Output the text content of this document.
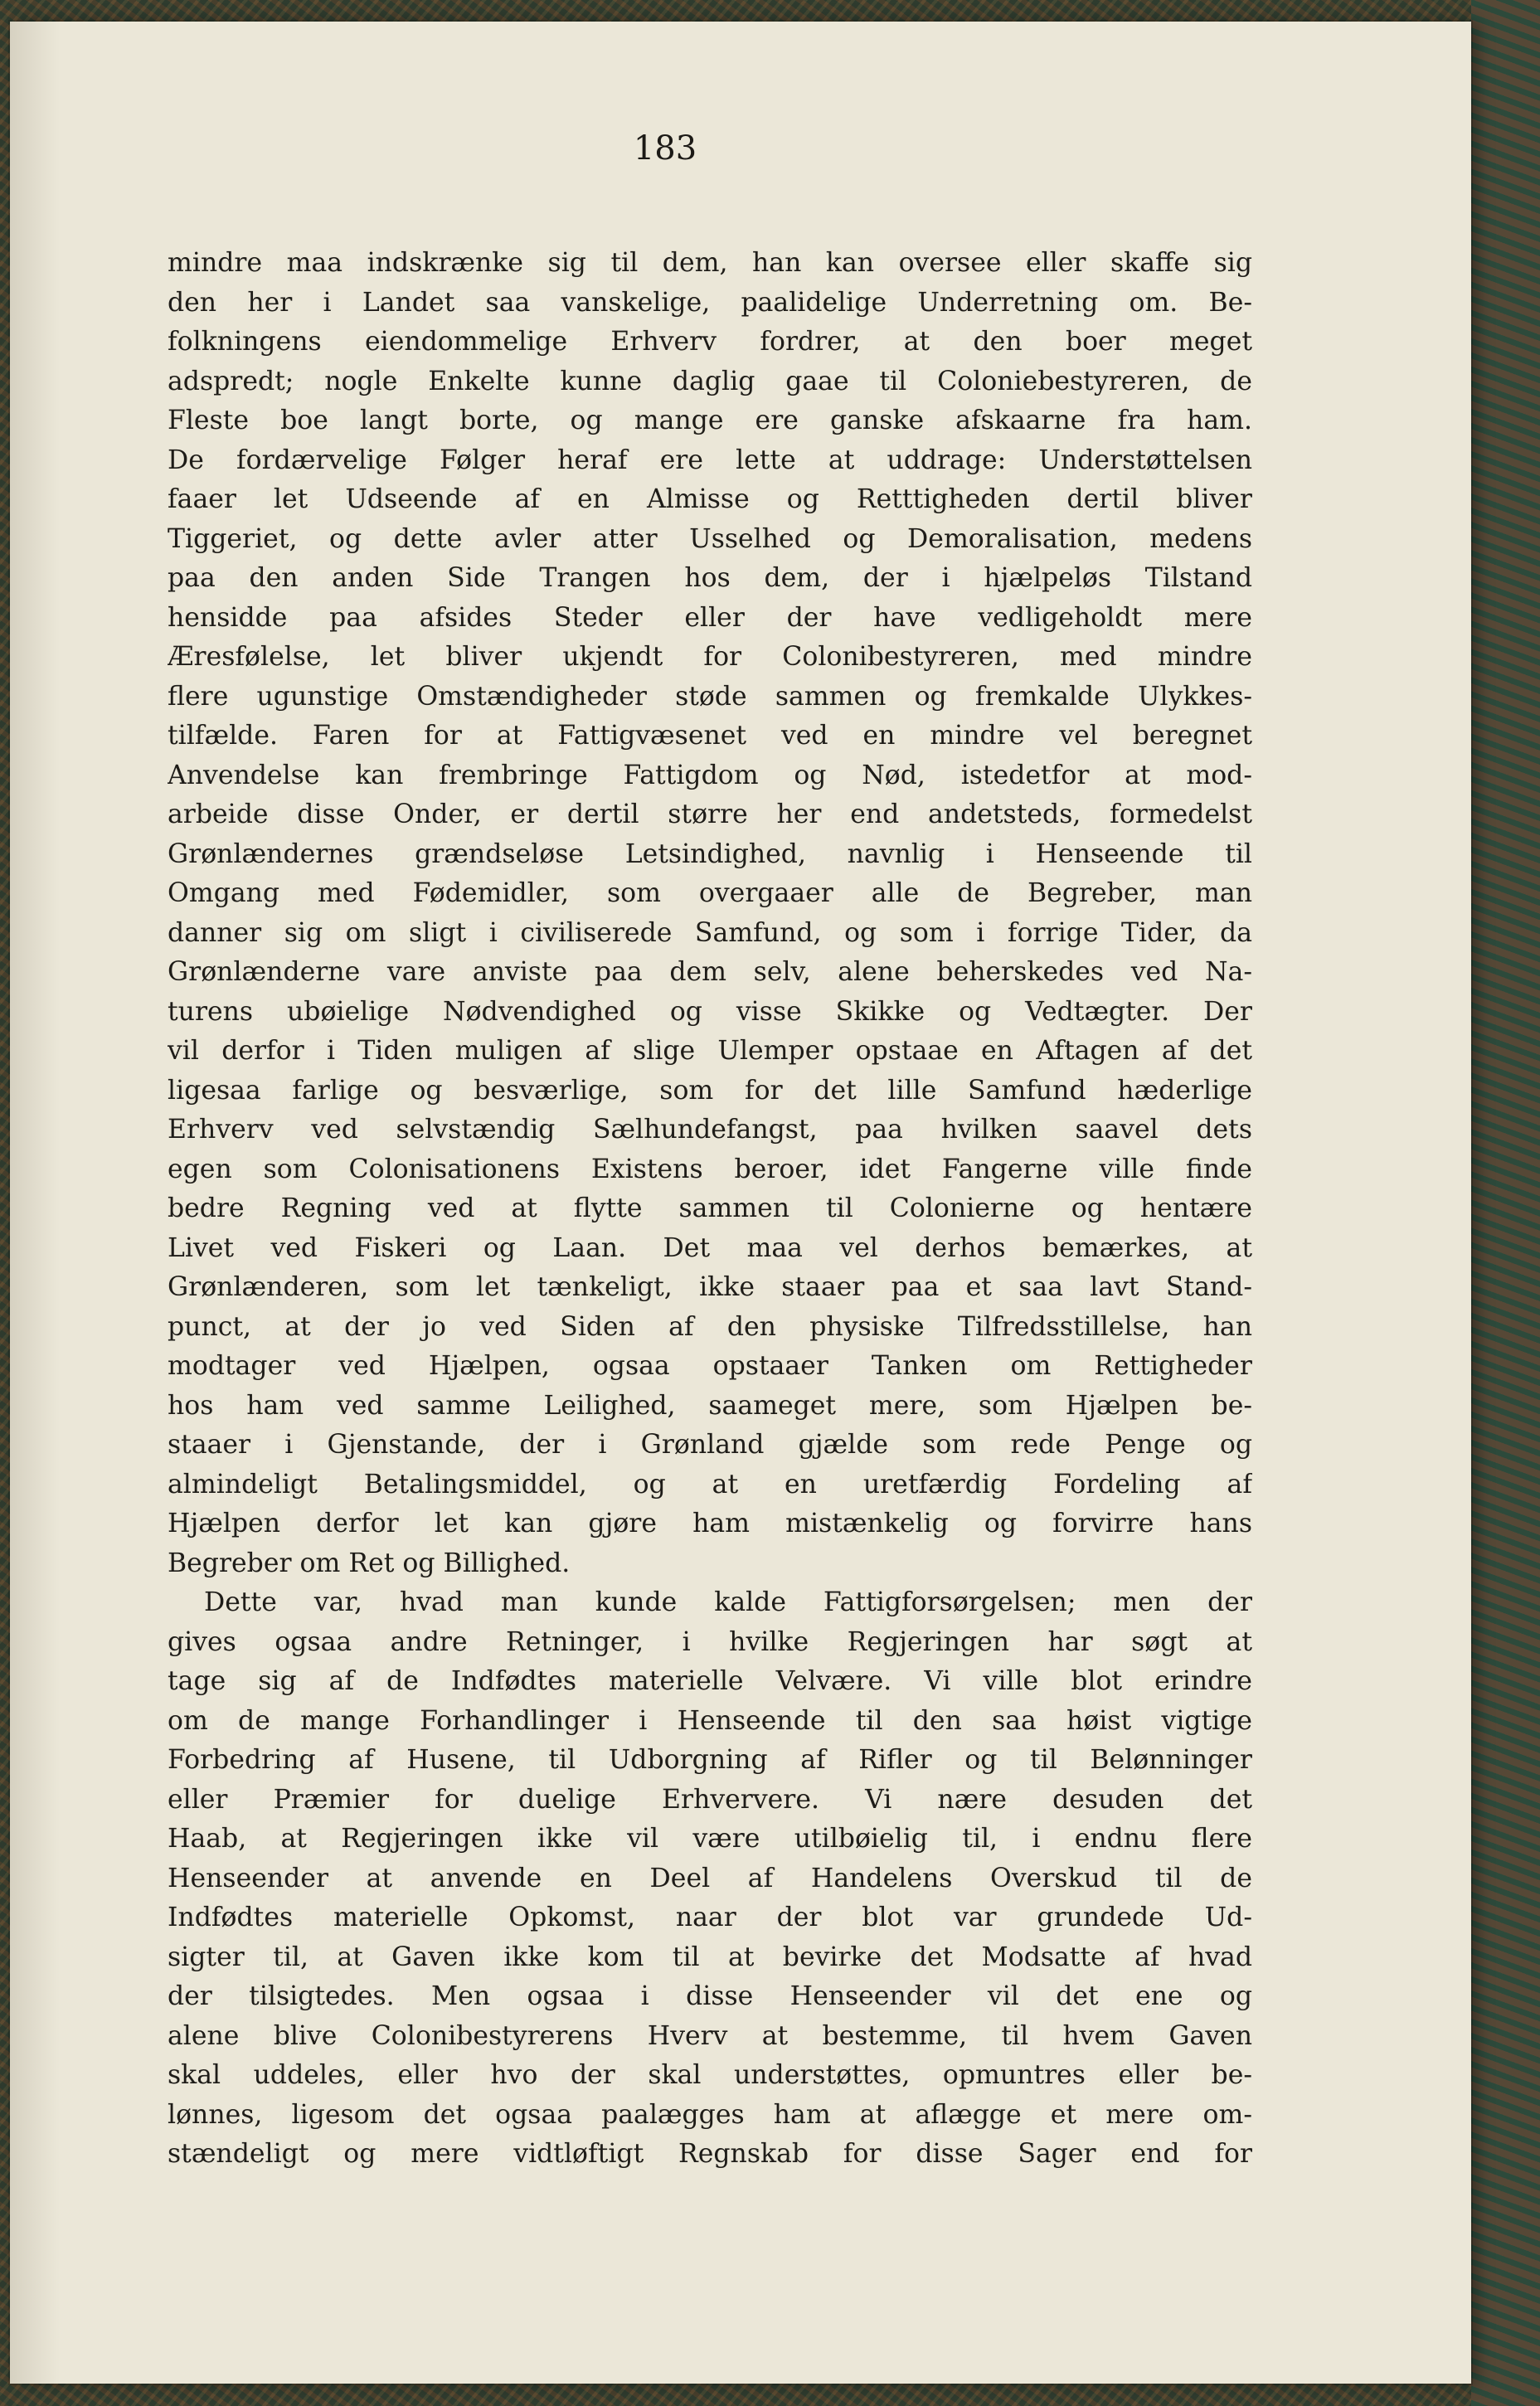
183
mindre maa indskrænke sig til dem, han kan oversee eller skaffe sig
den her i Landet saa vanskelige, paalidelige Underretning om. Be-
folkningens eiendommelige Erhverv fordrer, at den boer meget
adspredt; nogle Enkelte kunne daglig gaae til Coloniebestyreren, de
Fleste boe langt borte, og mange ere ganske afskaarne fra ham.
De fordærvelige Følger heraf ere lette at uddrage: Understøttelsen
faaer let Udseende af en Almisse og Retttigheden dertil bliver
Tiggeriet, og dette avler atter Usselhed og Demoralisation, medens
paa den anden Side Trangen hos dem, der i hjælpeløs Tilstand
hensidde paa afsides Steder eller der have vedligeholdt mere
Æresfølelse, let bliver ukjendt for Colonibestyreren, med mindre
flere ugunstige Omstændigheder støde sammen og fremkalde Ulykkes-
tilfælde. Faren for at Fattigvæsenet ved en mindre vel beregnet
Anvendelse kan frembringe Fattigdom og Nød, istedetfor at mod-
arbeide disse Onder, er dertil større her end andetsteds, formedelst
Grønlændernes grændseløse Letsindighed, navnlig i Henseende til
Omgang med Fødemidler, som overgaaer alle de Begreber, man
danner sig om sligt i civiliserede Samfund, og som i forrige Tider, da
Grønlænderne vare anviste paa dem selv, alene beherskedes ved Na-
turens ubøielige Nødvendighed og visse Skikke og Vedtægter. Der
vil derfor i Tiden muligen af slige Ulemper opstaae en Aftagen af det
ligesaa farlige og besværlige, som for det lille Samfund hæderlige
Erhverv ved selvstændig Sælhundefangst, paa hvilken saavel dets
egen som Colonisationens Existens beroer, idet Fangerne ville finde
bedre Regning ved at flytte sammen til Colonierne og hentære
Livet ved Fiskeri og Laan. Det maa vel derhos bemærkes, at
Grønlænderen, som let tænkeligt, ikke staaer paa et saa lavt Stand-
punct, at der jo ved Siden af den physiske Tilfredsstillelse, han
modtager ved Hjælpen, ogsaa opstaaer Tanken om Rettigheder
hos ham ved samme Leilighed, saameget mere, som Hjælpen be-
staaer i Gjenstande, der i Grønland gjælde som rede Penge og
almindeligt Betalingsmiddel, og at en uretfærdig Fordeling af
Hjælpen derfor let kan gjøre ham mistænkelig og forvirre hans
Begreber om Ret og Billighed.
Dette var, hvad man kunde kalde Fattigforsørgelsen; men der
gives ogsaa andre Retninger, i hvilke Regjeringen har søgt at
tage sig af de Indfødtes materielle Velvære. Vi ville blot erindre
om de mange Forhandlinger i Henseende til den saa høist vigtige
Forbedring af Husene, til Udborgning af Rifler og til Belønninger
eller Præmier for duelige Erhververe. Vi nære desuden det
Haab, at Regjeringen ikke vil være utilbøielig til, i endnu flere
Henseender at anvende en Deel af Handelens Overskud til de
Indfødtes materielle Opkomst, naar der blot var grundede Ud-
sigter til, at Gaven ikke kom til at bevirke det Modsatte af hvad
der tilsigtedes. Men ogsaa i disse Henseender vil det ene og
alene blive Colonibestyrerens Hverv at bestemme, til hvem Gaven
skal uddeles, eller hvo der skal understøttes, opmuntres eller be-
lønnes, ligesom det ogsaa paalægges ham at aflægge et mere om-
stændeligt og mere vidtløftigt Regnskab for disse Sager end for
